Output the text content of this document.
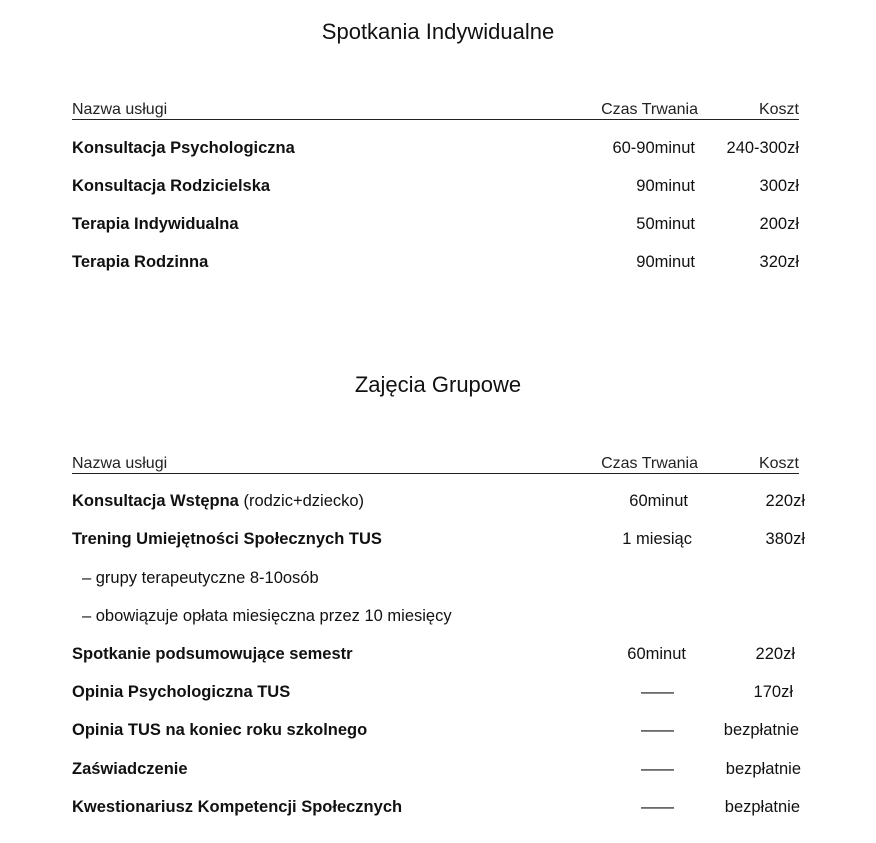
Spotkania Indywidualne
Nazwa usługi	Czas Trwania	Koszt
Konsultacja Psychologiczna	60-90minut 240-300zł
Konsultacja Rodzicielska	90minut	300zł
Terapia Indywidualna	50minut	200zł
Terapia Rodzinna	90minut	320zł
Zajęcia Grupowe
Nazwa usługi	Czas Trwania	Koszt
Konsultacja Wstępna (rodzic+dziecko)	60minut	220zł
Trening Umiejętności Społecznych TUS	1 miesiąc	380zł
– grupy terapeutyczne 8-10osób
– obowiązuje opłata miesięczna przez 10 miesięcy
Spotkanie podsumowujące semestr	60minut	220zł
Opinia Psychologiczna TUS	——	170zł
Opinia TUS na koniec roku szkolnego	——	bezpłatnie
Zaświadczenie	——	bezpłatnie
Kwestionariusz Kompetencji Społecznych	——	bezpłatnie
